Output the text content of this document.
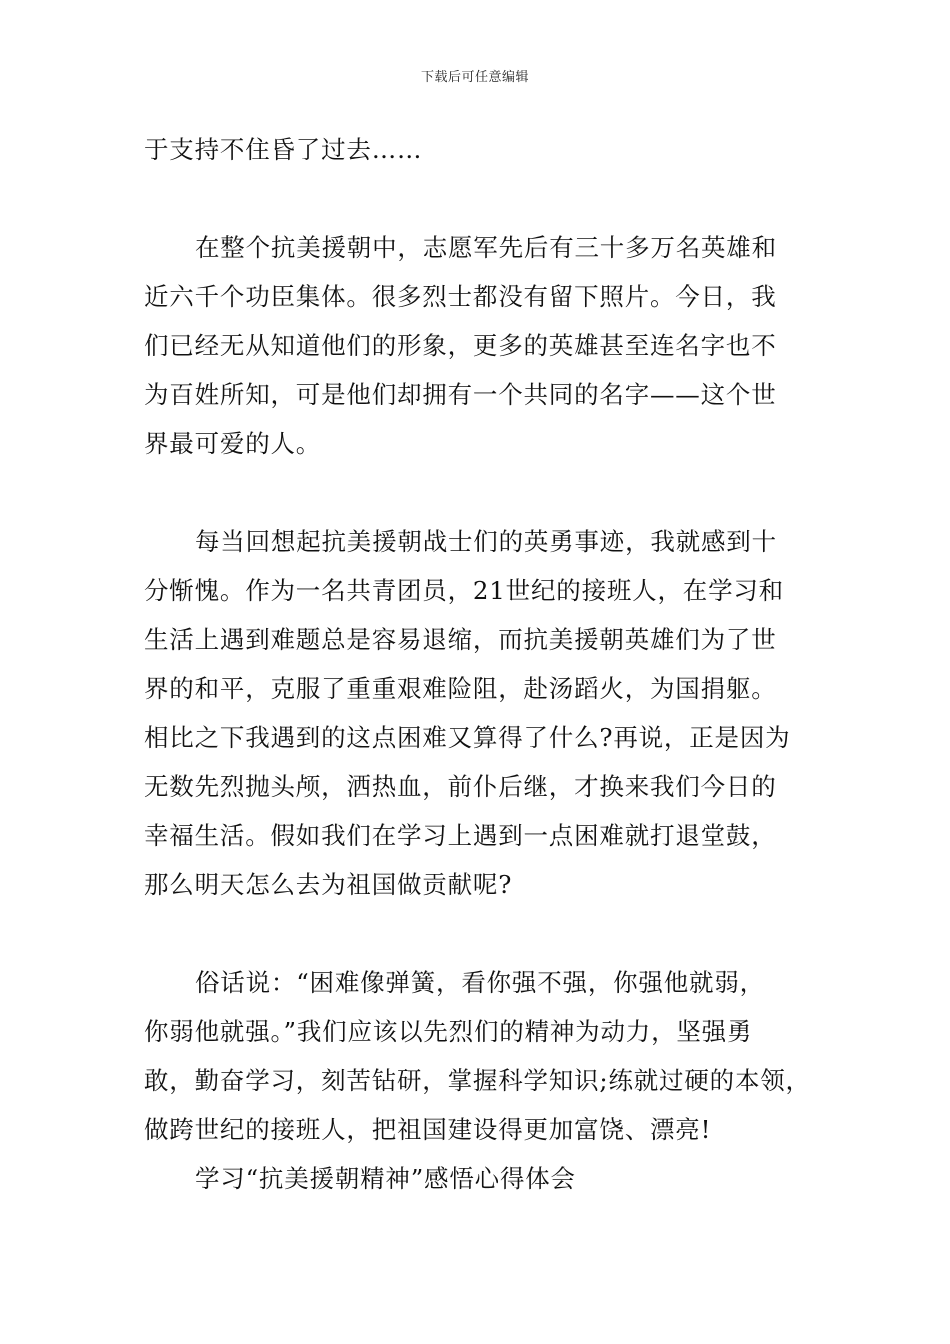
下载后可任意编辑
于支持不住昏了过去……
在整个抗美援朝中，志愿军先后有三十多万名英雄和
近六千个功臣集体。很多烈士都没有留下照片。今日，我
们已经无从知道他们的形象，更多的英雄甚至连名字也不
为百姓所知，可是他们却拥有一个共同的名字——这个世
界最可爱的人。
每当回想起抗美援朝战士们的英勇事迹，我就感到十
分惭愧。作为一名共青团员，21世纪的接班人，在学习和
生活上遇到难题总是容易退缩，而抗美援朝英雄们为了世
界的和平，克服了重重艰难险阻，赴汤蹈火，为国捐躯。
相比之下我遇到的这点困难又算得了什么?再说，正是因为
无数先烈抛头颅，洒热血，前仆后继，才换来我们今日的
幸福生活。假如我们在学习上遇到一点困难就打退堂鼓，
那么明天怎么去为祖国做贡献呢?
俗话说：“困难像弹簧，看你强不强，你强他就弱，
你弱他就强。”我们应该以先烈们的精神为动力，坚强勇
敢，勤奋学习，刻苦钻研，掌握科学知识;练就过硬的本领，
做跨世纪的接班人，把祖国建设得更加富饶、漂亮!
学习“抗美援朝精神”感悟心得体会
